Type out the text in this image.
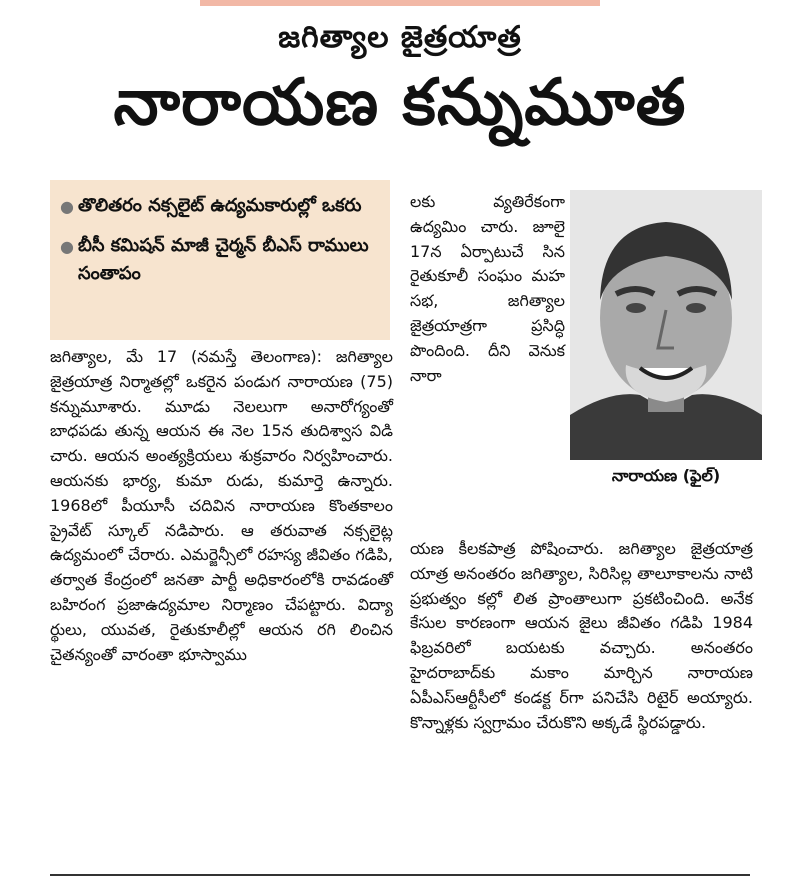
జగిత్యాల జైత్రయాత్ర
నారాయణ కన్నుమూత
● తొలితరం నక్సలైట్ ఉద్యమకారుల్లో ఒకరు
● బీసీ కమిషన్ మాజీ చైర్మన్ బీఎస్ రాములు సంతాపం

జగిత్యాల, మే 17 (నమస్తే తెలంగాణ): జగిత్యాల జైత్రయాత్ర నిర్మాతల్లో ఒకరైన పండుగ నారాయణ (75) కన్నుమూశారు. మూడు నెలలుగా అనారోగ్యంతో బాధపడు తున్న ఆయన ఈ నెల 15న తుదిశ్వాస విడి చారు. ఆయన అంత్యక్రియలు శుక్రవారం నిర్వహించారు. ఆయనకు భార్య, కుమా రుడు, కుమార్తె ఉన్నారు. 1968లో పీయూసీ చదివిన నారాయణ కొంతకాలం ప్రైవేట్ స్కూల్ నడిపారు. ఆ తరువాత నక్సలైట్ల ఉద్యమంలో చేరారు. ఎమర్జెన్సీలో రహస్య జీవితం గడిపి, తర్వాత కేంద్రంలో జనతా పార్టీ అధికారంలోకి రావడంతో బహిరంగ ప్రజాఉద్యమాల నిర్మాణం చేపట్టారు. విద్యా ర్థులు, యువత, రైతుకూలీల్లో ఆయన రగి లించిన చైతన్యంతో వారంతా భూస్వాము

లకు వ్యతిరేకంగా ఉద్యమిం చారు. జూలై 17న ఏర్పాటుచే సిన రైతుకూలీ సంఘం మహ సభ, జగిత్యాల జైత్రయాత్రగా ప్రసిద్ధి పొందింది. దీని వెనుక నారా

నారాయణ (ఫైల్)

యణ కీలకపాత్ర పోషించారు. జగిత్యాల జైత్రయాత్ర యాత్ర అనంతరం జగిత్యాల, సిరిసిల్ల తాలూకాలను నాటి ప్రభుత్వం కల్లో లిత ప్రాంతాలుగా ప్రకటించింది. అనేక కేసుల కారణంగా ఆయన జైలు జీవితం గడిపి 1984 ఫిబ్రవరిలో బయటకు వచ్చారు. అనంతరం హైదరాబాద్‌కు మకాం మార్చిన నారాయణ ఏపీఎస్ఆర్టీసీలో కండక్ట ర్‌గా పనిచేసి రిటైర్ అయ్యారు. కొన్నాళ్లకు స్వగ్రామం చేరుకొని అక్కడే స్థిరపడ్డారు.
